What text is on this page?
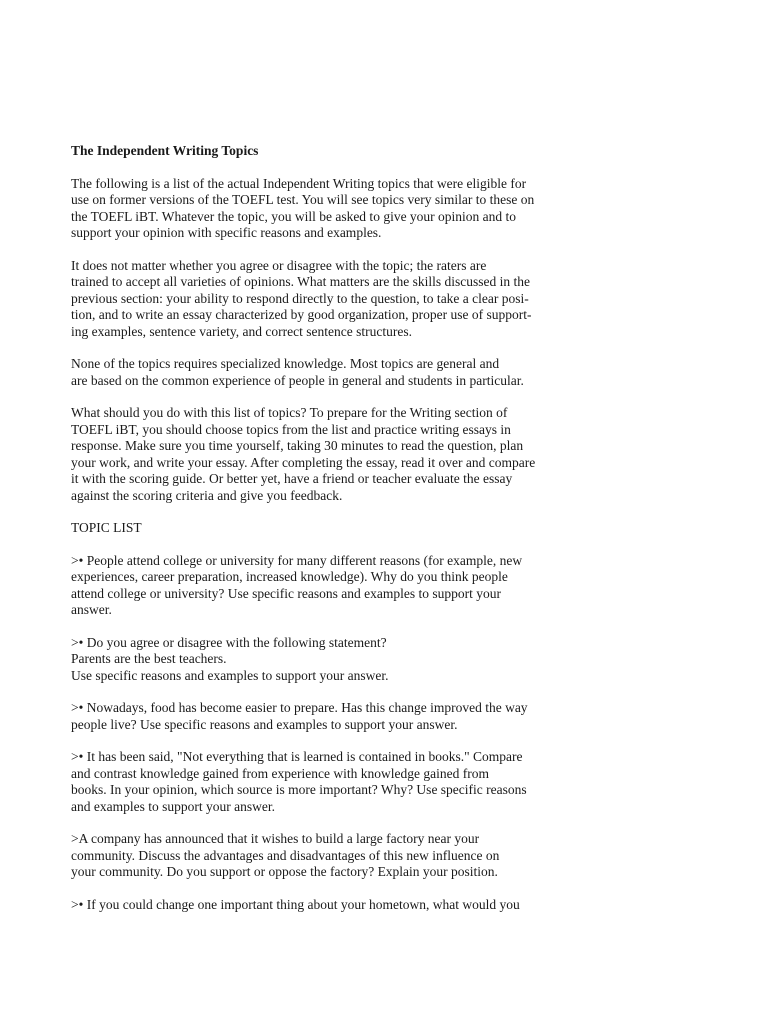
The Independent Writing Topics
The following is a list of the actual Independent Writing topics that were eligible for
use on former versions of the TOEFL test. You will see topics very similar to these on
the TOEFL iBT. Whatever the topic, you will be asked to give your opinion and to
support your opinion with specific reasons and examples.
It does not matter whether you agree or disagree with the topic; the raters are
trained to accept all varieties of opinions. What matters are the skills discussed in the
previous section: your ability to respond directly to the question, to take a clear posi-
tion, and to write an essay characterized by good organization, proper use of support-
ing examples, sentence variety, and correct sentence structures.
None of the topics requires specialized knowledge. Most topics are general and
are based on the common experience of people in general and students in particular.
What should you do with this list of topics? To prepare for the Writing section of
TOEFL iBT, you should choose topics from the list and practice writing essays in
response. Make sure you time yourself, taking 30 minutes to read the question, plan
your work, and write your essay. After completing the essay, read it over and compare
it with the scoring guide. Or better yet, have a friend or teacher evaluate the essay
against the scoring criteria and give you feedback.
TOPIC LIST
>• People attend college or university for many different reasons (for example, new
experiences, career preparation, increased knowledge). Why do you think people
attend college or university? Use specific reasons and examples to support your
answer.
>• Do you agree or disagree with the following statement?
Parents are the best teachers.
Use specific reasons and examples to support your answer.
>• Nowadays, food has become easier to prepare. Has this change improved the way
people live? Use specific reasons and examples to support your answer.
>• It has been said, "Not everything that is learned is contained in books." Compare
and contrast knowledge gained from experience with knowledge gained from
books. In your opinion, which source is more important? Why? Use specific reasons
and examples to support your answer.
>A company has announced that it wishes to build a large factory near your
community. Discuss the advantages and disadvantages of this new influence on
your community. Do you support or oppose the factory? Explain your position.
>• If you could change one important thing about your hometown, what would you
